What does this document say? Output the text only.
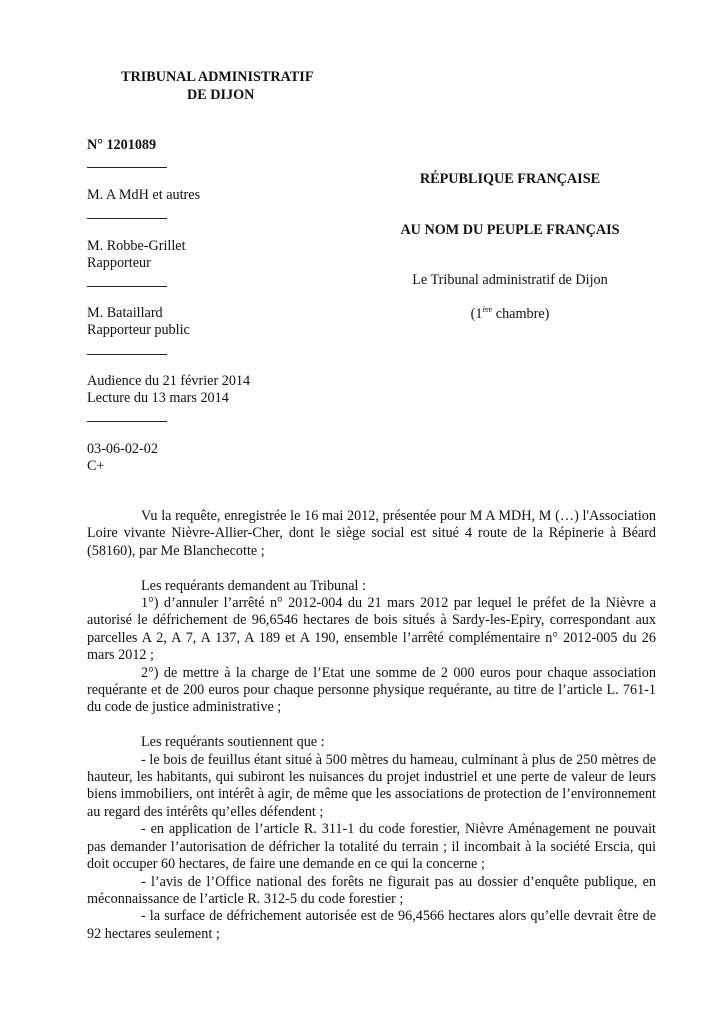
TRIBUNAL ADMINISTRATIF
DE DIJON
N° 1201089
M. A MdH et autres
M. Robbe-Grillet
Rapporteur
M. Bataillard
Rapporteur public
Audience du 21 février 2014
Lecture du 13 mars 2014
03-06-02-02
C+
RÉPUBLIQUE FRANÇAISE
AU NOM DU PEUPLE FRANÇAIS
Le Tribunal administratif de Dijon
(1ère chambre)

Vu la requête, enregistrée le 16 mai 2012, présentée pour M A MDH, M (…) l'Association Loire vivante Nièvre-Allier-Cher, dont le siège social est situé 4 route de la Répinerie à Béard (58160), par Me Blanchecotte ;

Les requérants demandent au Tribunal :

1°) d’annuler l’arrêté n° 2012-004 du 21 mars 2012 par lequel le préfet de la Nièvre a autorisé le défrichement de 96,6546 hectares de bois situés à Sardy-les-Epiry, correspondant aux parcelles A 2, A 7, A 137, A 189 et A 190, ensemble l’arrêté complémentaire n° 2012-005 du 26 mars 2012 ;

2°) de mettre à la charge de l’Etat une somme de 2 000 euros pour chaque association requérante et de 200 euros pour chaque personne physique requérante, au titre de l’article L. 761-1 du code de justice administrative ;

Les requérants soutiennent que :

- le bois de feuillus étant situé à 500 mètres du hameau, culminant à plus de 250 mètres de hauteur, les habitants, qui subiront les nuisances du projet industriel et une perte de valeur de leurs biens immobiliers, ont intérêt à agir, de même que les associations de protection de l’environnement au regard des intérêts qu’elles défendent ;

- en application de l’article R. 311-1 du code forestier, Nièvre Aménagement ne pouvait pas demander l’autorisation de défricher la totalité du terrain ; il incombait à la société Erscia, qui doit occuper 60 hectares, de faire une demande en ce qui la concerne ;

- l’avis de l’Office national des forêts ne figurait pas au dossier d’enquête publique, en méconnaissance de l’article R. 312-5 du code forestier ;

- la surface de défrichement autorisée est de 96,4566 hectares alors qu’elle devrait être de 92 hectares seulement ;
